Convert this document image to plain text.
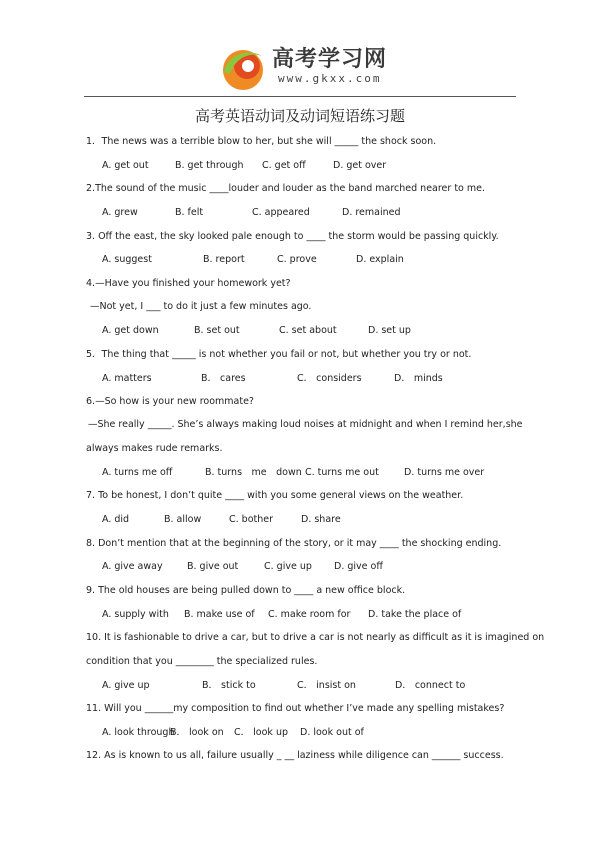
高考学习网
www.gkxx.com
高考英语动词及动词短语练习题
1．The news was a terrible blow to her, but she will _____ the shock soon.
A. get out	B. get through C. get off	D. get over
2.The sound of the music ____louder and louder as the band marched nearer to me.
A. grew	B. felt	C. appeared	D. remained
3. Off the east, the sky looked pale enough to ____ the storm would be passing quickly.
A. suggest	B. report	C. prove	D. explain
4.—Have you finished your homework yet?
—Not yet, I ___ to do it just a few minutes ago.
A. get down	B. set out	C. set about	D. set up
5．The thing that _____ is not whether you fail or not, but whether you try or not.
A. matters	B． cares	C． considers	D． minds
6.—So how is your new roommate?
—She really _____. She’s always making loud noises at midnight and when I remind her,she
always makes rude remarks.
A. turns me off	B. turns　me　down C. turns me out	D. turns me over
7. To be honest, I don’t quite ____ with you some general views on the weather.
A. did	B. allow	C. bother	D. share
8. Don’t mention that at the beginning of the story, or it may ____ the shocking ending.
A. give away	B. give out	C. give up D. give off
9. The old houses are being pulled down to ____ a new office block.
A. supply with B. make use of C. make room for D. take the place of
10. It is fashionable to drive a car, but to drive a car is not nearly as difficult as it is imagined on
condition that you ________ the specialized rules.
A. give up	B． stick to	C． insist on	D． connect to
11. Will you ______my composition to find out whether I’ve made any spelling mistakes?
A. look through
B． look on C． look up D. look out of
12. As is known to us all, failure usually _ __ laziness while diligence can ______ success.
